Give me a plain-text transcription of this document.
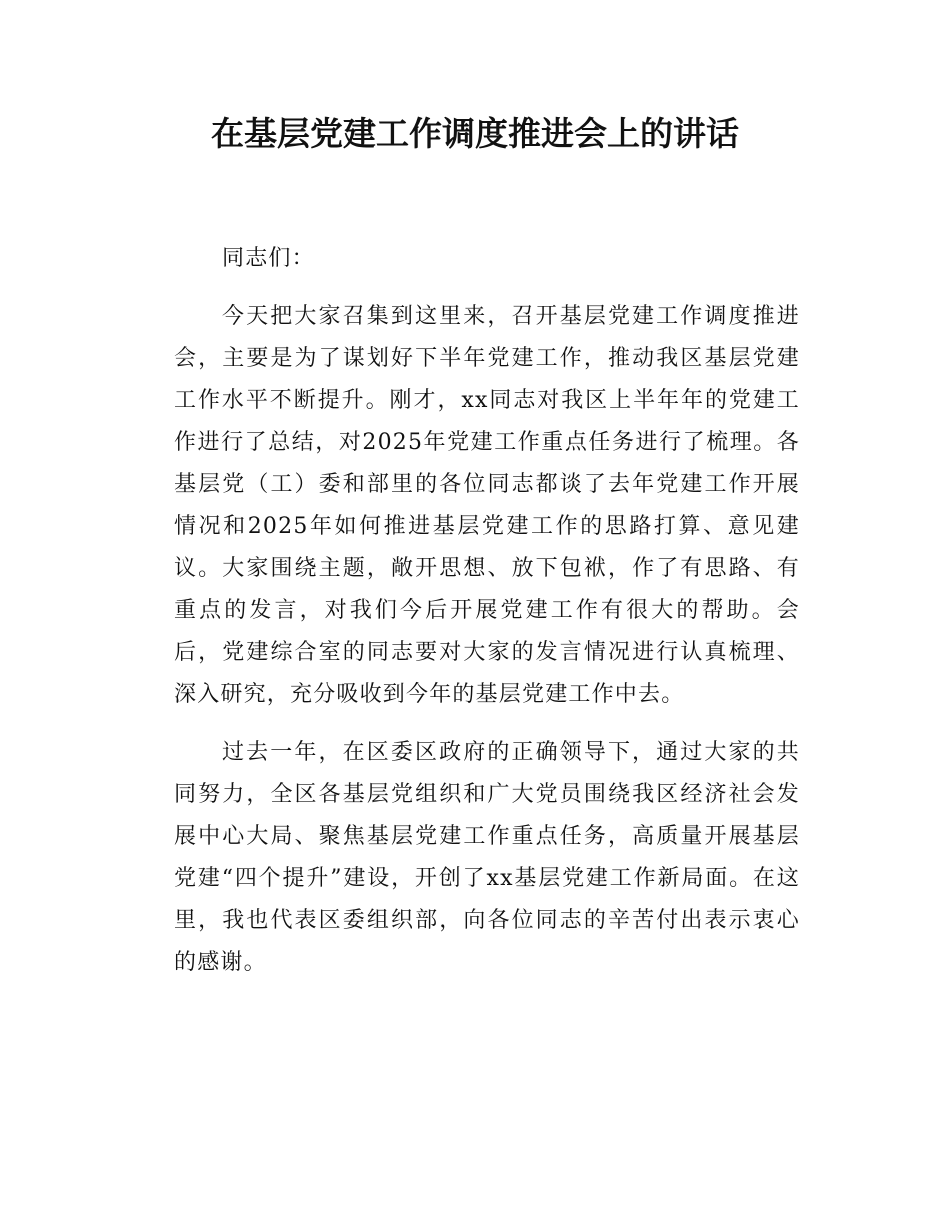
在基层党建工作调度推进会上的讲话

同志们：

今天把大家召集到这里来，召开基层党建工作调度推进会，主要是为了谋划好下半年党建工作，推动我区基层党建工作水平不断提升。刚才，xx同志对我区上半年年的党建工作进行了总结，对2025年党建工作重点任务进行了梳理。各基层党（工）委和部里的各位同志都谈了去年党建工作开展情况和2025年如何推进基层党建工作的思路打算、意见建议。大家围绕主题，敞开思想、放下包袱，作了有思路、有重点的发言，对我们今后开展党建工作有很大的帮助。会后，党建综合室的同志要对大家的发言情况进行认真梳理、深入研究，充分吸收到今年的基层党建工作中去。

过去一年，在区委区政府的正确领导下，通过大家的共同努力，全区各基层党组织和广大党员围绕我区经济社会发展中心大局、聚焦基层党建工作重点任务，高质量开展基层党建“四个提升”建设，开创了xx基层党建工作新局面。在这里，我也代表区委组织部，向各位同志的辛苦付出表示衷心的感谢。
